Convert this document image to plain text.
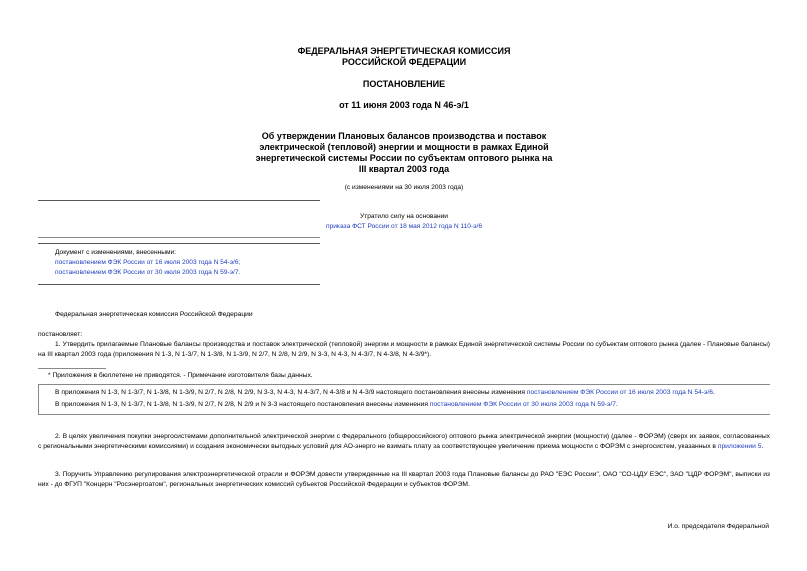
ФЕДЕРАЛЬНАЯ ЭНЕРГЕТИЧЕСКАЯ КОМИССИЯ
РОССИЙСКОЙ ФЕДЕРАЦИИ
ПОСТАНОВЛЕНИЕ
от 11 июня 2003 года N 46-э/1
Об утверждении Плановых балансов производства и поставок
электрической (тепловой) энергии и мощности в рамках Единой
энергетической системы России по субъектам оптового рынка на
III квартал 2003 года
(с изменениями на 30 июля 2003 года)
Утратило силу на основании
приказа ФСТ России от 18 мая 2012 года N 110-э/6
Документ с изменениями, внесенными:
постановлением ФЭК России от 16 июля 2003 года N 54-э/6;
постановлением ФЭК России от 30 июля 2003 года N 59-э/7.
Федеральная энергетическая комиссия Российской Федерации
постановляет:
1. Утвердить прилагаемые Плановые балансы производства и поставок электрической (тепловой) энергии и мощности в рамках Единой энергетической системы России по субъектам оптового рынка (далее - Плановые балансы) на III квартал 2003 года (приложения N 1-3, N 1-3/7, N 1-3/8, N 1-3/9, N 2/7, N 2/8, N 2/9, N 3-3, N 4-3, N 4-3/7, N 4-3/8, N 4-3/9*).
* Приложения в бюллетене не приводятся. - Примечание изготовителя базы данных.
В приложения N 1-3, N 1-3/7, N 1-3/8, N 1-3/9, N 2/7, N 2/8, N 2/9, N 3-3, N 4-3, N 4-3/7, N 4-3/8 и N 4-3/9 настоящего постановления внесены изменения постановлением ФЭК России от 16 июля 2003 года N 54-э/6.
В приложения N 1-3, N 1-3/7, N 1-3/8, N 1-3/9, N 2/7, N 2/8, N 2/9 и N 3-3 настоящего постановления внесены изменения постановлением ФЭК России от 30 июля 2003 года N 59-э/7.
2. В целях увеличения покупки энергосистемами дополнительной электрической энергии с Федерального (общероссийского) оптового рынка электрической энергии (мощности) (далее - ФОРЭМ) (сверх их заявок, согласованных с региональными энергетическими комиссиями) и создания экономически выгодных условий для АО-энерго не взимать плату за соответствующее увеличение приема мощности с ФОРЭМ с энергосистем, указанных в приложении 5.
3. Поручить Управлению регулирования электроэнергетической отрасли и ФОРЭМ довести утвержденные на III квартал 2003 года Плановые балансы до РАО "ЕЭС России", ОАО "СО-ЦДУ ЕЭС", ЗАО "ЦДР ФОРЭМ", выписки из них - до ФГУП "Концерн "Росэнергоатом", региональных энергетических комиссий субъектов Российской Федерации и субъектов ФОРЭМ.
И.о. председателя Федеральной
